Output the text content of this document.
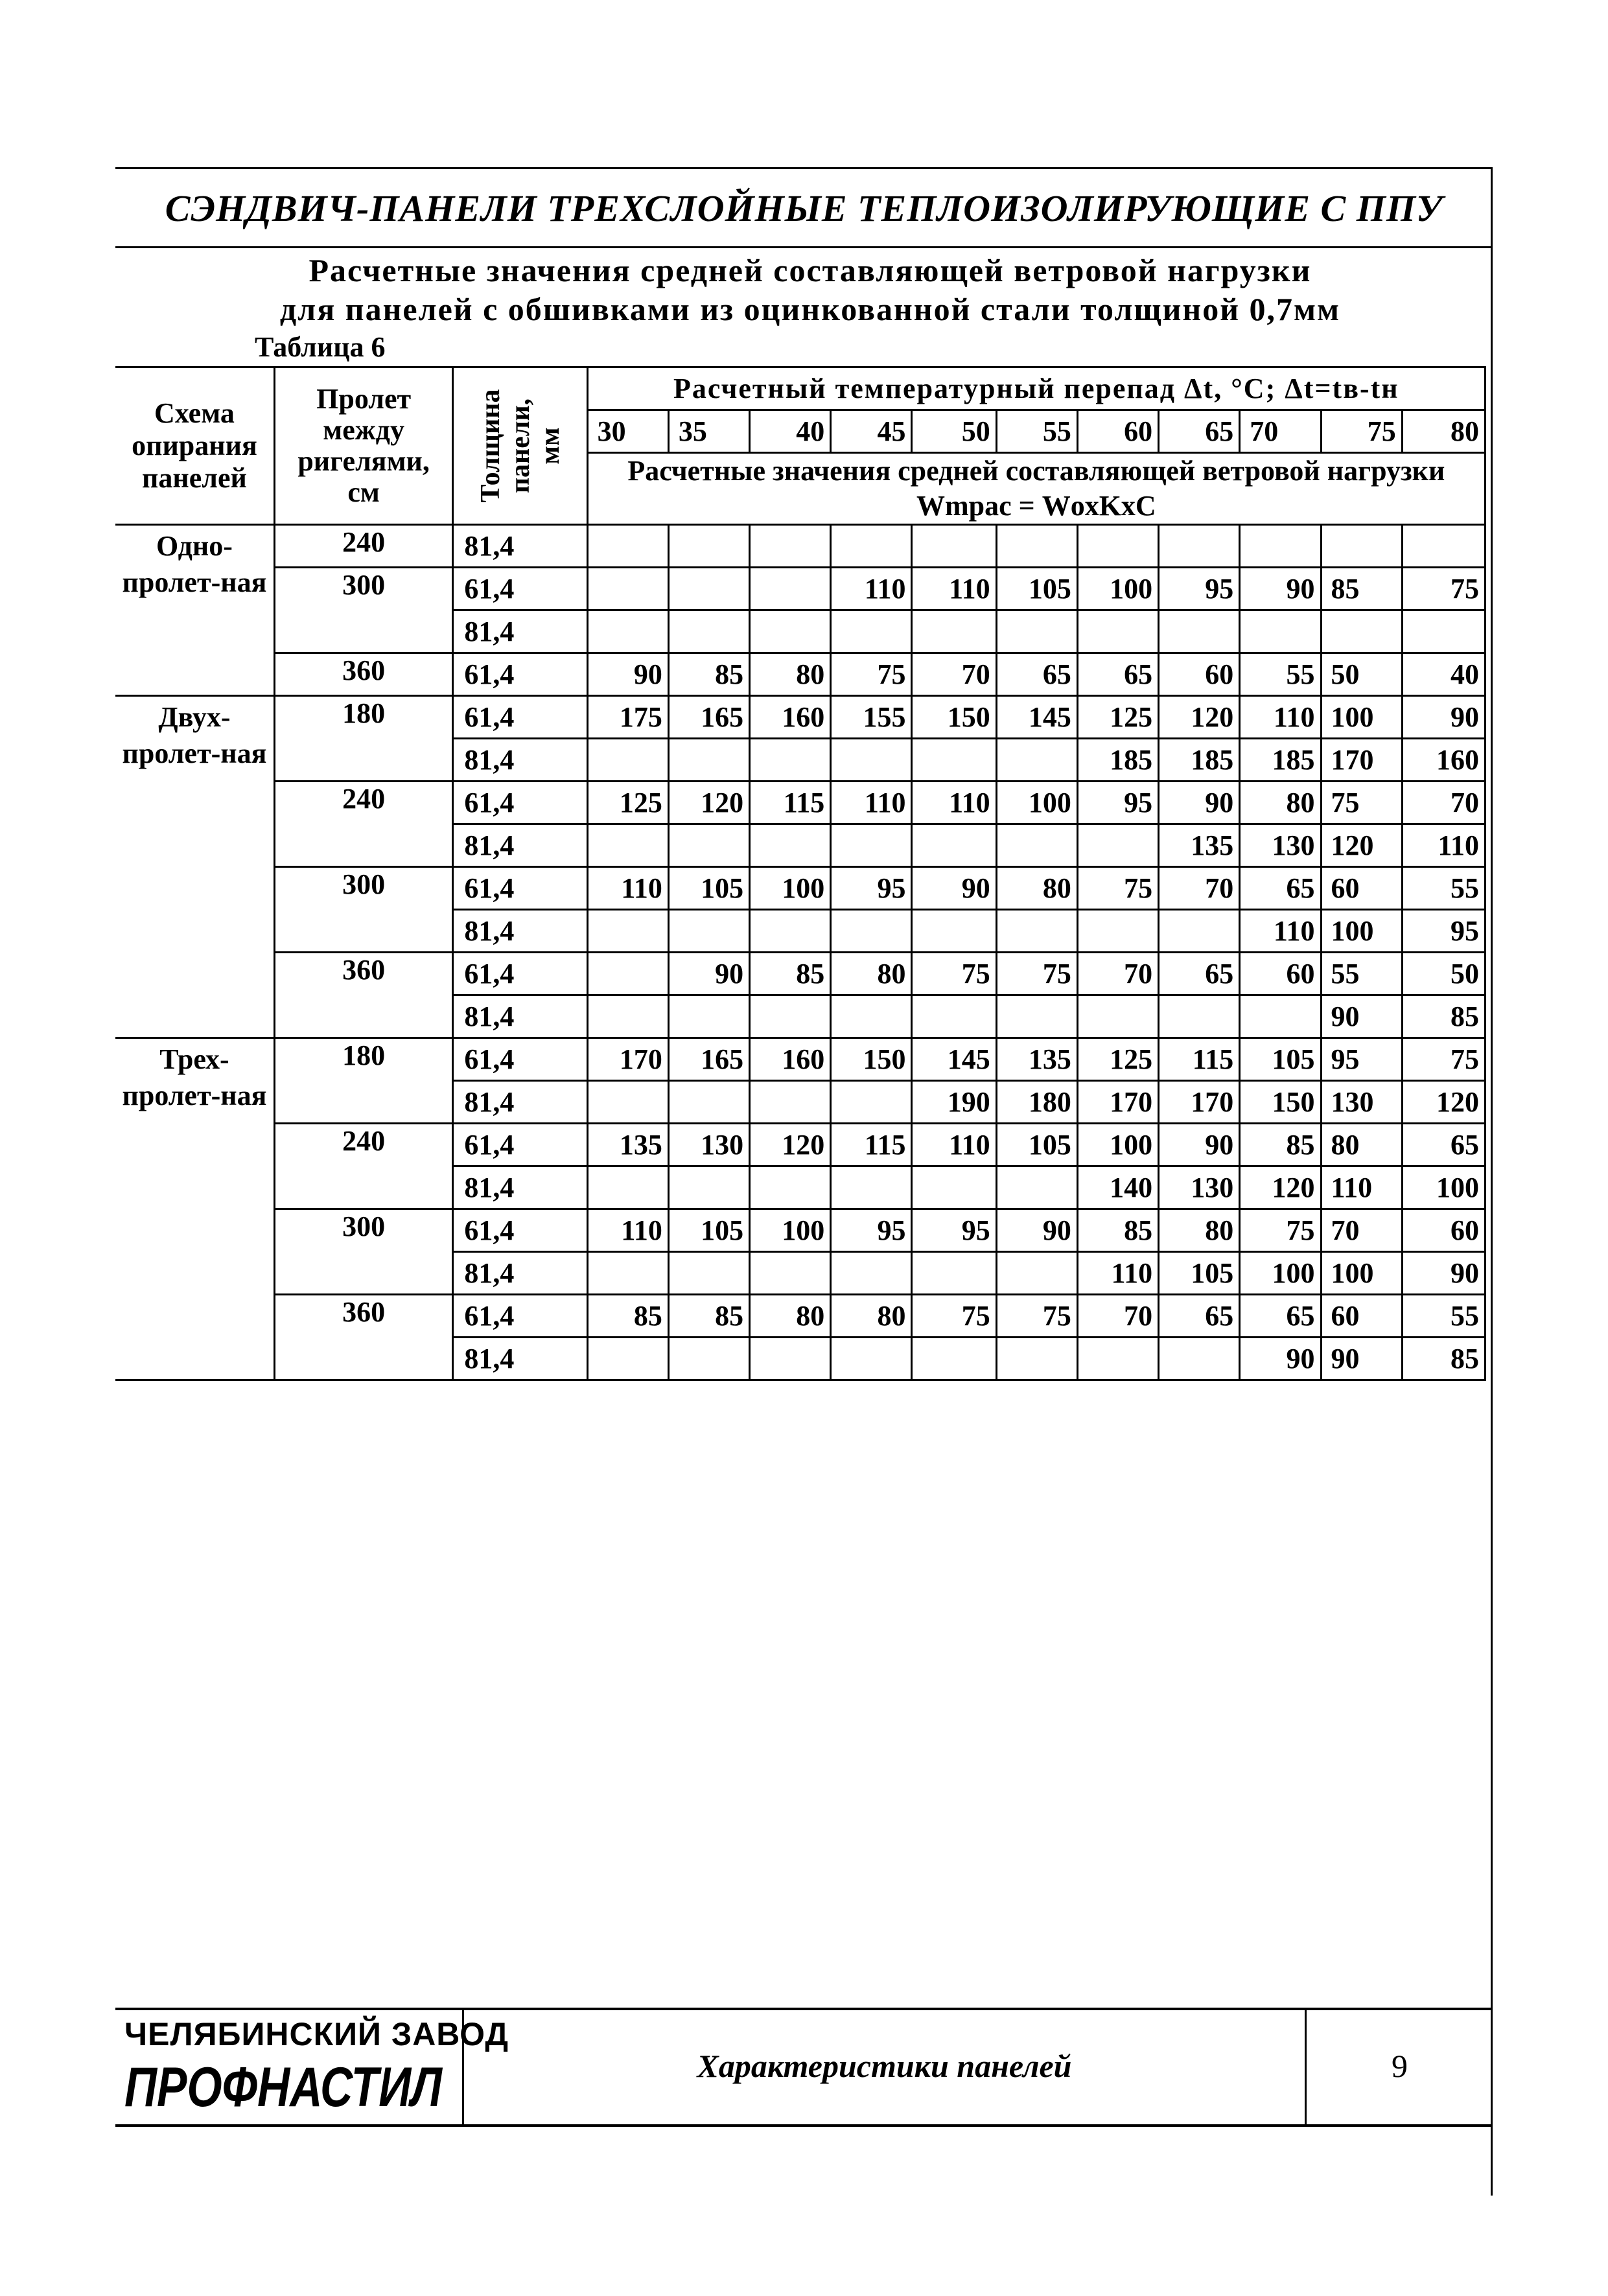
СЭНДВИЧ-ПАНЕЛИ ТРЕХСЛОЙНЫЕ ТЕПЛОИЗОЛИРУЮЩИЕ С ППУ
Расчетные значения средней составляющей ветровой нагрузки
для панелей с обшивками из оцинкованной стали толщиной 0,7мм
Таблица 6
Схема опирания панелей	Пролет между ригелями, см	Толщина панели, мм	Расчетный температурный перепад Δt, °С; Δt=tв-tн										
			30	35	40	45	50	55	60	65	70	75	80
			Расчетные значения средней составляющей ветровой нагрузки Wmрас = WоxKxC										
Одно-пролет-ная	240	81,4											
	300	61,4				110	110	105	100	95	90	85	75
		81,4											
	360	61,4	90	85	80	75	70	65	65	60	55	50	40
Двух-пролет-ная	180	61,4	175	165	160	155	150	145	125	120	110	100	90
		81,4							185	185	185	170	160
	240	61,4	125	120	115	110	110	100	95	90	80	75	70
		81,4								135	130	120	110
	300	61,4	110	105	100	95	90	80	75	70	65	60	55
		81,4									110	100	95
	360	61,4		90	85	80	75	75	70	65	60	55	50
		81,4										90	85
Трех-пролет-ная	180	61,4	170	165	160	150	145	135	125	115	105	95	75
		81,4					190	180	170	170	150	130	120
	240	61,4	135	130	120	115	110	105	100	90	85	80	65
		81,4							140	130	120	110	100
	300	61,4	110	105	100	95	95	90	85	80	75	70	60
		81,4							110	105	100	100	90
	360	61,4	85	85	80	80	75	75	70	65	65	60	55
		81,4									90	90	85
ЧЕЛЯБИНСКИЙ ЗАВОД
ПРОФНАСТИЛ	Характеристики панелей	9
